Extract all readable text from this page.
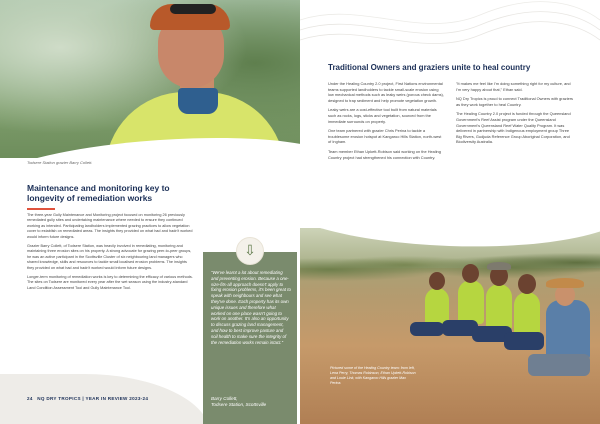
Todsere Station grazier Barry Collett.
Maintenance and monitoring key to longevity of remediation works

The three-year Gully Maintenance and Monitoring project focused on monitoring 26 previously remediated gully sites and undertaking maintenance where needed to ensure they continued working as intended. Participating landholders implemented grazing practices to allow vegetation cover to establish on remediated areas. The insights they provided on what had and hadn't worked would inform future designs.

Grazier Barry Collett, of Todsere Station, was heavily involved in remediating, monitoring and maintaining three erosion sites on his property. A strong advocate for grazing peer-to-peer groups, he was an active participant in the Scottsville Cluster of six neighbouring land managers who shared knowledge, skills and resources to tackle small localised erosion problems. The insights they provided on what had and hadn't worked would inform future designs.

Longer-term monitoring of remediation works is key to determining the efficacy of various methods. The sites on Todsere are monitored every year after the wet season using the industry-standard Land Condition Assessment Tool and Gully Maintenance Tool.

24 NQ DRY TROPICS | YEAR IN REVIEW 2023-24
"We've learnt a lot about remediating and preventing erosion. Because a one-size-fits-all approach doesn't apply to fixing erosion problems, it's been great to speak with neighbours and see what they've done. Each property has its own unique issues and therefore what worked on one place wasn't going to work on another. It's also an opportunity to discuss grazing land management, and how to best improve pasture and soil health to make sure the integrity of the remediation works remain intact."
Barry Collett,
Todsere Station, Scottsville
⇩
Traditional Owners and graziers unite to heal country

Under the Healing Country 2.0 project, First Nations environmental teams supported landholders to tackle small-scale erosion using low mechanical methods such as leaky weirs (porous check dams), designed to trap sediment and help promote vegetation growth.

Leaky weirs are a cost-effective tool built from natural materials such as rocks, logs, sticks and vegetation, sourced from the immediate surrounds on property.

One team partnered with grazier Chris Perina to tackle a troublesome erosion hotspot at Kangaroo Hills Station, north-west of Ingham.

Team member Ethan Upkett-Robison said working on the Healing Country project had strengthened his connection with Country.

"It makes me feel like I'm doing something right for my culture, and I'm very happy about that," Ethan said.

NQ Dry Tropics is proud to connect Traditional Owners with graziers as they work together to heal Country.

The Healing Country 2.0 project is funded through the Queensland Government's Reef Assist program under the Queensland Government's Queensland Reef Water Quality Program. It was delivered in partnership with Indigenous employment group Three Big Rivers, Gudjuda Reference Group Aboriginal Corporation, and Biodiversity Australia.

Pictured some of the Healing Country team: from left, Lena Perry, Thomas Robinson, Ethan Upkett-Robison and Louie Link, with Kangaroo Hills grazier Max Perina.
